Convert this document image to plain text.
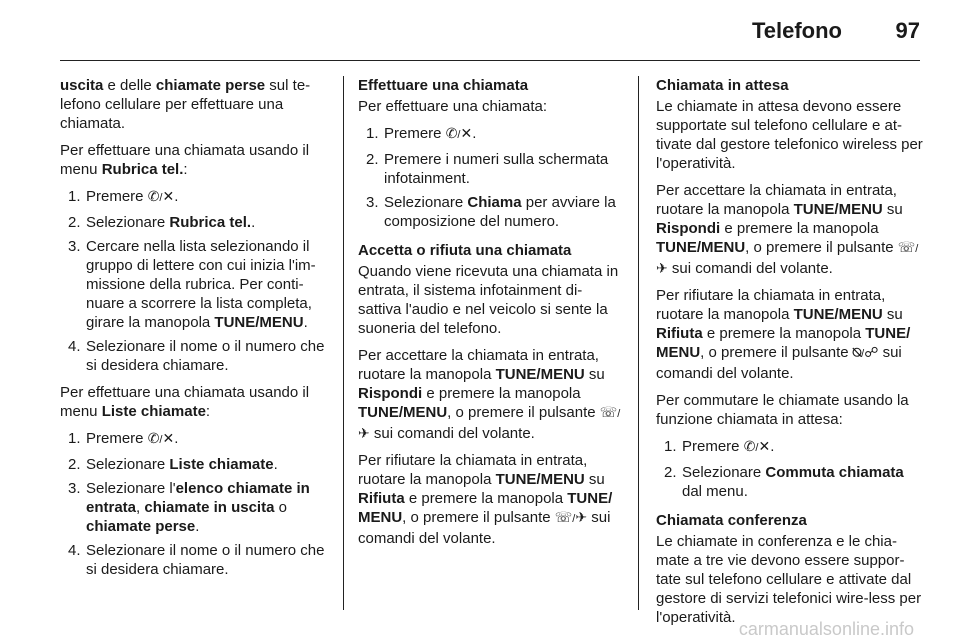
Telefono 97

uscita e delle chiamate perse sul te-lefono cellulare per effettuare una chiamata.

Per effettuare una chiamata usando il menu Rubrica tel.:

1. Premere ✆/✕.
2. Selezionare Rubrica tel..
3. Cercare nella lista selezionando il gruppo di lettere con cui inizia l'im-missione della rubrica. Per conti-nuare a scorrere la lista completa, girare la manopola TUNE/MENU.
4. Selezionare il nome o il numero che si desidera chiamare.

Per effettuare una chiamata usando il menu Liste chiamate:

1. Premere ✆/✕.
2. Selezionare Liste chiamate.
3. Selezionare l'elenco chiamate in entrata, chiamate in uscita o chiamate perse.
4. Selezionare il nome o il numero che si desidera chiamare.
Effettuare una chiamata

Per effettuare una chiamata:

1. Premere ✆/✕.
2. Premere i numeri sulla schermata infotainment.
3. Selezionare Chiama per avviare la composizione del numero.
Accetta o rifiuta una chiamata

Quando viene ricevuta una chiamata in entrata, il sistema infotainment di-sattiva l'audio e nel veicolo si sente la suoneria del telefono.

Per accettare la chiamata in entrata, ruotare la manopola TUNE/MENU su Rispondi e premere la manopola TUNE/MENU, o premere il pulsante ☏/✈ sui comandi del volante.

Per rifiutare la chiamata in entrata, ruotare la manopola TUNE/MENU su Rifiuta e premere la manopola TUNE/ MENU, o premere il pulsante ☏/✈ sui comandi del volante.

Chiamata in attesa

Le chiamate in attesa devono essere supportate sul telefono cellulare e at-tivate dal gestore telefonico wireless per l'operatività.

Per accettare la chiamata in entrata, ruotare la manopola TUNE/MENU su Rispondi e premere la manopola TUNE/MENU, o premere il pulsante ☏/✈ sui comandi del volante.

Per rifiutare la chiamata in entrata, ruotare la manopola TUNE/MENU su Rifiuta e premere la manopola TUNE/ MENU, o premere il pulsante ⍉/☍ sui comandi del volante.

Per commutare le chiamate usando la funzione chiamata in attesa:

1. Premere ✆/✕.
2. Selezionare Commuta chiamata dal menu.
Chiamata conferenza

Le chiamate in conferenza e le chia-mate a tre vie devono essere suppor-tate sul telefono cellulare e attivate dal gestore di servizi telefonici wire-less per l'operatività.

carmanualsonline.info
